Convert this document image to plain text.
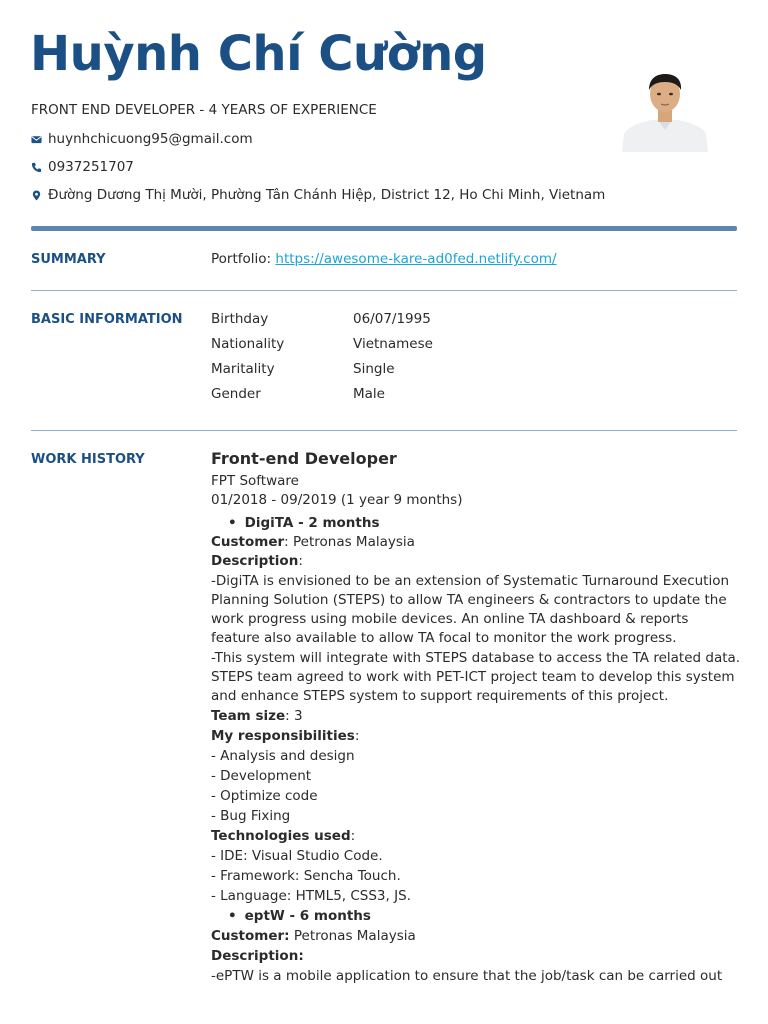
Huỳnh Chí Cường
FRONT END DEVELOPER - 4 YEARS OF EXPERIENCE
huynhchicuong95@gmail.com
0937251707
Đường Dương Thị Mười, Phường Tân Chánh Hiệp, District 12, Ho Chi Minh, Vietnam
SUMMARY	Portfolio: https://awesome-kare-ad0fed.netlify.com/
BASIC INFORMATION Birthday	06/07/1995
Nationality	Vietnamese
Maritality	Single
Gender	Male
WORK HISTORY	Front-end Developer

FPT Software

01/2018 - 09/2019 (1 year 9 months)

• DigiTA - 2 months

Customer: Petronas Malaysia

Description:

-DigiTA is envisioned to be an extension of Systematic Turnaround Execution Planning Solution (STEPS) to allow TA engineers & contractors to update the work progress using mobile devices. An online TA dashboard & reports feature also available to allow TA focal to monitor the work progress.

-This system will integrate with STEPS database to access the TA related data. STEPS team agreed to work with PET-ICT project team to develop this system and enhance STEPS system to support requirements of this project.

Team size: 3

My responsibilities:

- Analysis and design

- Development

- Optimize code

- Bug Fixing

Technologies used:

- IDE: Visual Studio Code.

- Framework: Sencha Touch.

- Language: HTML5, CSS3, JS.

• eptW - 6 months

Customer: Petronas Malaysia

Description:

-ePTW is a mobile application to ensure that the job/task can be carried out
